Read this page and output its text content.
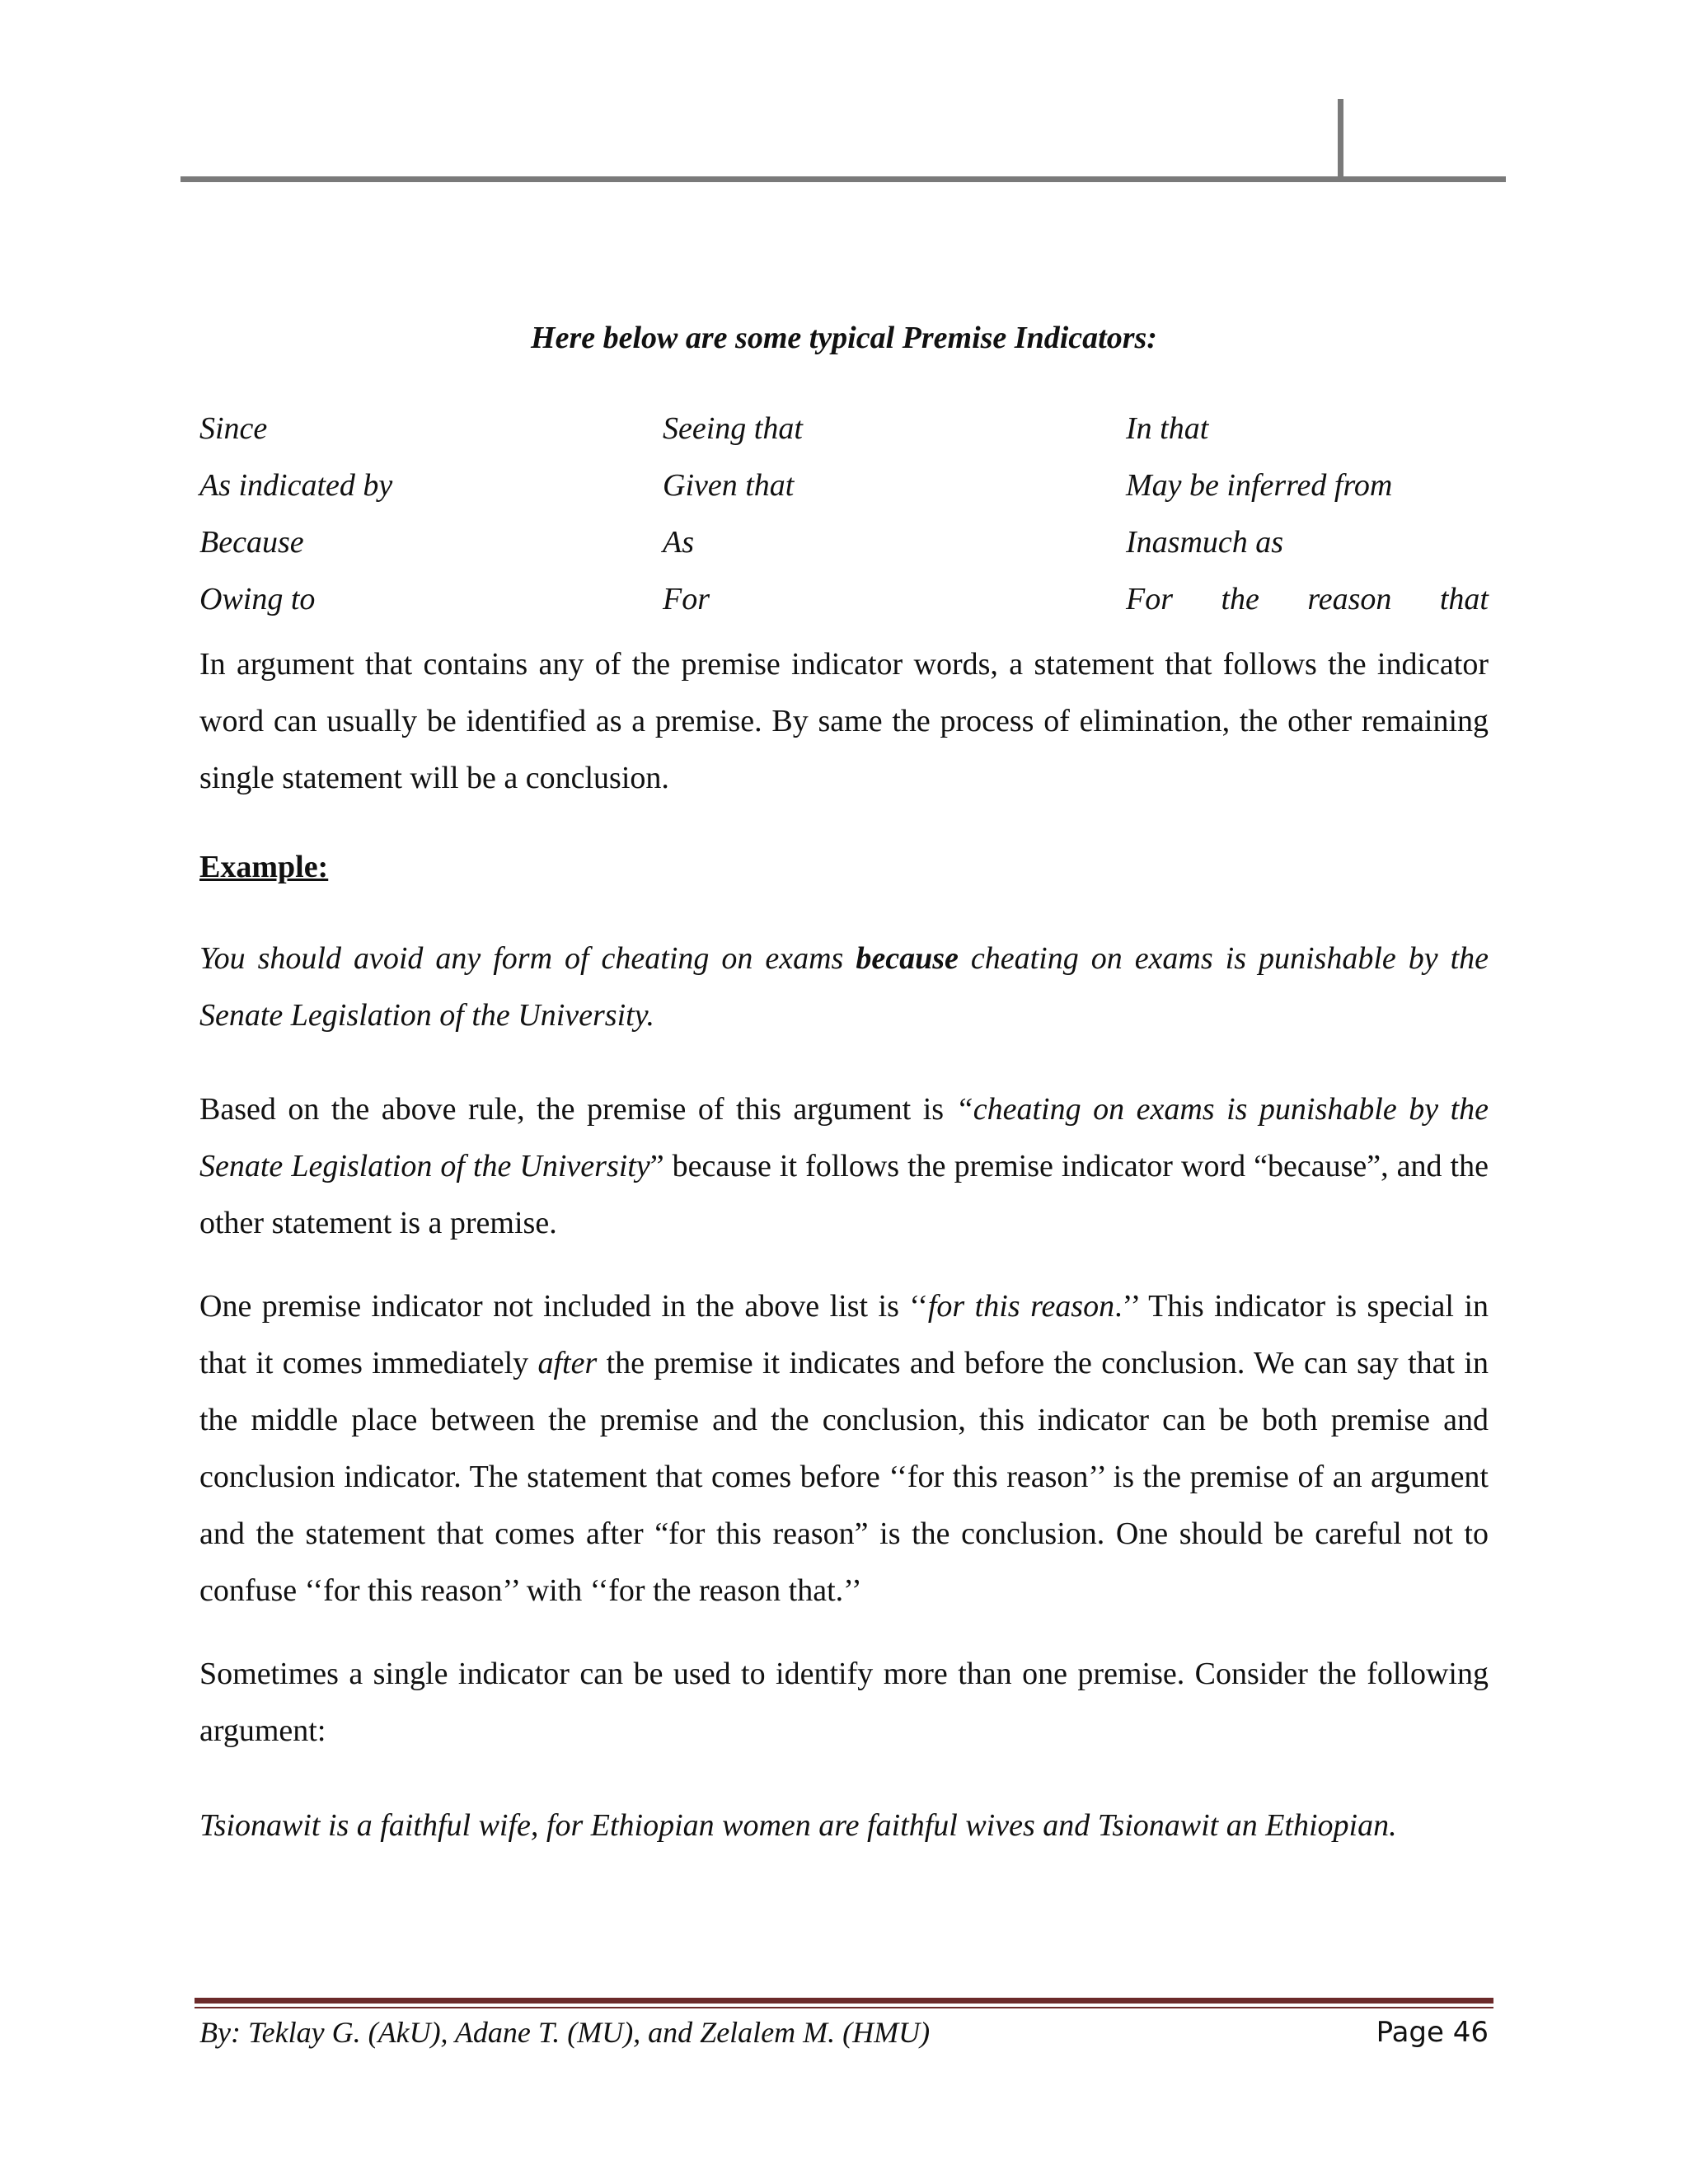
Here below are some typical Premise Indicators:
Since	Seeing that	In that
As indicated by	Given that	May be inferred from
Because	As	Inasmuch as
Owing to	For	For the reason that

In argument that contains any of the premise indicator words, a statement that follows the indicator word can usually be identified as a premise. By same the process of elimination, the other remaining single statement will be a conclusion.

Example:

You should avoid any form of cheating on exams because cheating on exams is punishable by the Senate Legislation of the University.

Based on the above rule, the premise of this argument is “cheating on exams is punishable by the Senate Legislation of the University” because it follows the premise indicator word “because”, and the other statement is a premise.

One premise indicator not included in the above list is ‘‘for this reason.’’ This indicator is special in that it comes immediately after the premise it indicates and before the conclusion. We can say that in the middle place between the premise and the conclusion, this indicator can be both premise and conclusion indicator. The statement that comes before ‘‘for this reason’’ is the premise of an argument and the statement that comes after “for this reason” is the conclusion. One should be careful not to confuse ‘‘for this reason’’ with ‘‘for the reason that.’’

Sometimes a single indicator can be used to identify more than one premise. Consider the following argument:

Tsionawit is a faithful wife, for Ethiopian women are faithful wives and Tsionawit an Ethiopian.

By: Teklay G. (AkU), Adane T. (MU), and Zelalem M. (HMU)	Page 46
